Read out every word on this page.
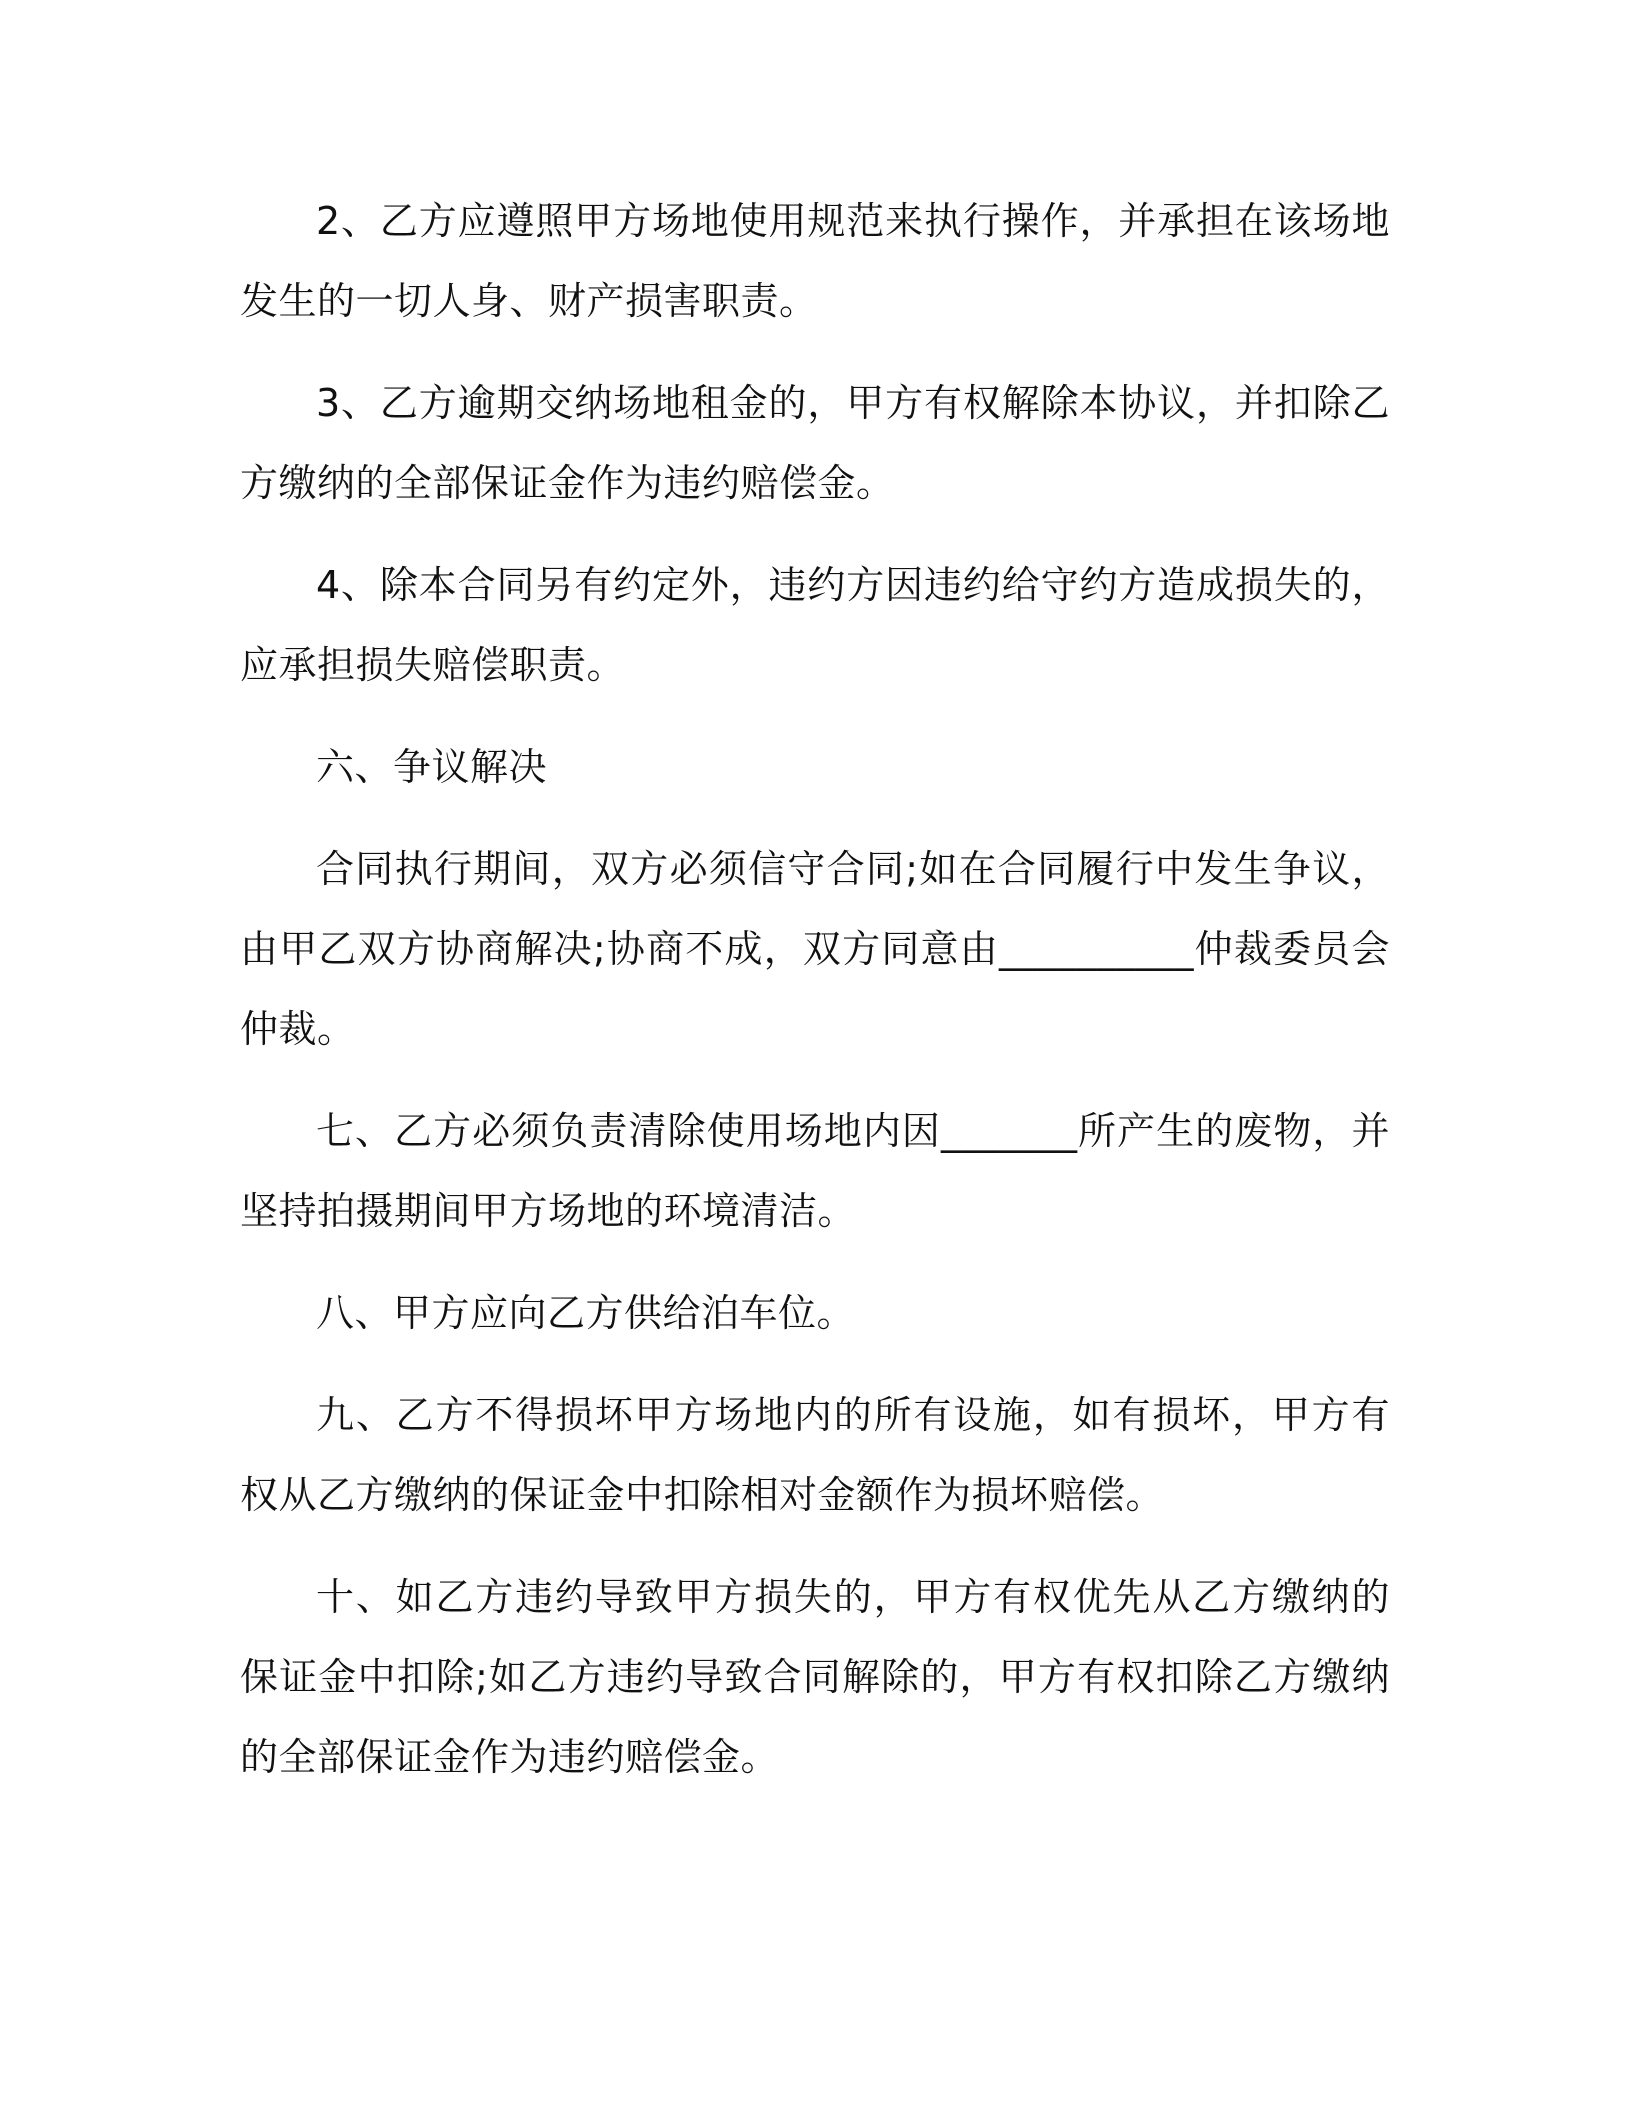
2、乙方应遵照甲方场地使用规范来执行操作，并承担在该场地发生的一切人身、财产损害职责。

3、乙方逾期交纳场地租金的，甲方有权解除本协议，并扣除乙方缴纳的全部保证金作为违约赔偿金。

4、除本合同另有约定外，违约方因违约给守约方造成损失的，应承担损失赔偿职责。

六、争议解决

合同执行期间，双方必须信守合同;如在合同履行中发生争议，由甲乙双方协商解决;协商不成，双方同意由__________仲裁委员会仲裁。

七、乙方必须负责清除使用场地内因_______所产生的废物，并坚持拍摄期间甲方场地的环境清洁。

八、甲方应向乙方供给泊车位。

九、乙方不得损坏甲方场地内的所有设施，如有损坏，甲方有权从乙方缴纳的保证金中扣除相对金额作为损坏赔偿。

十、如乙方违约导致甲方损失的，甲方有权优先从乙方缴纳的保证金中扣除;如乙方违约导致合同解除的，甲方有权扣除乙方缴纳的全部保证金作为违约赔偿金。
